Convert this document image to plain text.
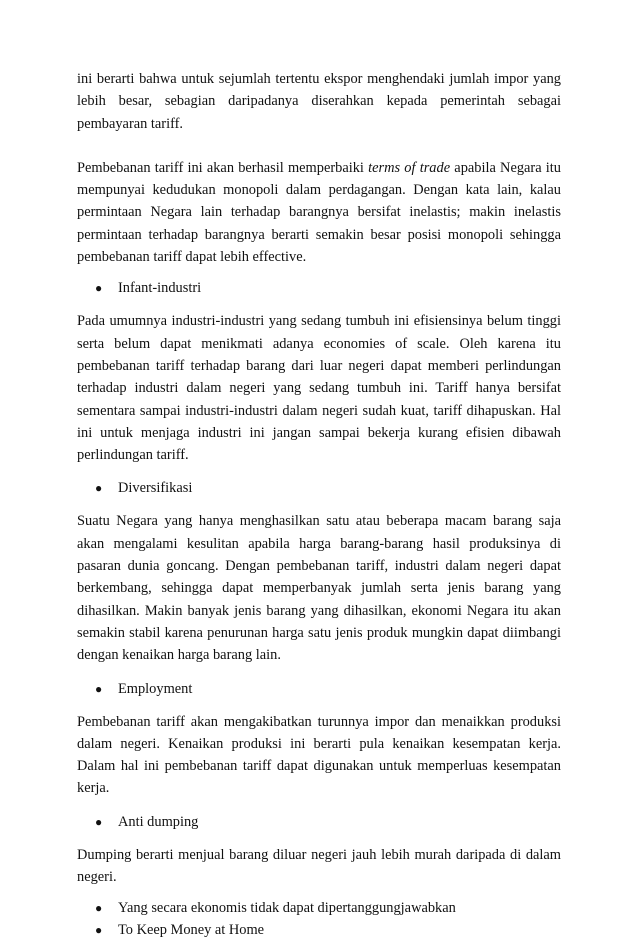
ini berarti bahwa untuk sejumlah tertentu ekspor menghendaki jumlah impor yang lebih besar, sebagian daripadanya diserahkan kepada pemerintah sebagai pembayaran tariff.

Pembebanan tariff ini akan berhasil memperbaiki terms of trade apabila Negara itu mempunyai kedudukan monopoli dalam perdagangan. Dengan kata lain, kalau permintaan Negara lain terhadap barangnya bersifat inelastis; makin inelastis permintaan terhadap barangnya berarti semakin besar posisi monopoli sehingga pembebanan tariff dapat lebih effective.

● Infant-industri

Pada umumnya industri-industri yang sedang tumbuh ini efisiensinya belum tinggi serta belum dapat menikmati adanya economies of scale. Oleh karena itu pembebanan tariff terhadap barang dari luar negeri dapat memberi perlindungan terhadap industri dalam negeri yang sedang tumbuh ini. Tariff hanya bersifat sementara sampai industri-industri dalam negeri sudah kuat, tariff dihapuskan. Hal ini untuk menjaga industri ini jangan sampai bekerja kurang efisien dibawah perlindungan tariff.

● Diversifikasi

Suatu Negara yang hanya menghasilkan satu atau beberapa macam barang saja akan mengalami kesulitan apabila harga barang-barang hasil produksinya di pasaran dunia goncang. Dengan pembebanan tariff, industri dalam negeri dapat berkembang, sehingga dapat memperbanyak jumlah serta jenis barang yang dihasilkan. Makin banyak jenis barang yang dihasilkan, ekonomi Negara itu akan semakin stabil karena penurunan harga satu jenis produk mungkin dapat diimbangi dengan kenaikan harga barang lain.

● Employment

Pembebanan tariff akan mengakibatkan turunnya impor dan menaikkan produksi dalam negeri. Kenaikan produksi ini berarti pula kenaikan kesempatan kerja. Dalam hal ini pembebanan tariff dapat digunakan untuk memperluas kesempatan kerja.

● Anti dumping

Dumping berarti menjual barang diluar negeri jauh lebih murah daripada di dalam negeri.

● Yang secara ekonomis tidak dapat dipertanggungjawabkan
● To Keep Money at Home
